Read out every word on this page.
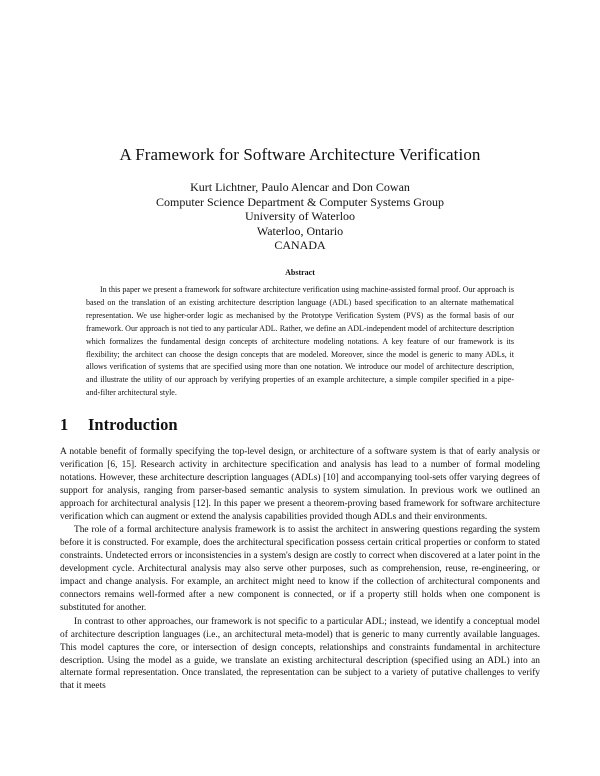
A Framework for Software Architecture Verification
Kurt Lichtner, Paulo Alencar and Don Cowan
Computer Science Department & Computer Systems Group
University of Waterloo
Waterloo, Ontario
CANADA
Abstract

In this paper we present a framework for software architecture verification using machine-assisted formal proof. Our approach is based on the translation of an existing architecture description language (ADL) based specification to an alternate mathematical representation. We use higher-order logic as mechanised by the Prototype Verification System (PVS) as the formal basis of our framework. Our approach is not tied to any particular ADL. Rather, we define an ADL-independent model of architecture description which formalizes the fundamental design concepts of architecture modeling notations. A key feature of our framework is its flexibility; the architect can choose the design concepts that are modeled. Moreover, since the model is generic to many ADLs, it allows verification of systems that are specified using more than one notation. We introduce our model of architecture description, and illustrate the utility of our approach by verifying properties of an example architecture, a simple compiler specified in a pipe-and-filter architectural style.

1 Introduction

A notable benefit of formally specifying the top-level design, or architecture of a software system is that of early analysis or verification [6, 15]. Research activity in architecture specification and analysis has lead to a number of formal modeling notations. However, these architecture description languages (ADLs) [10] and accompanying tool-sets offer varying degrees of support for analysis, ranging from parser-based semantic analysis to system simulation. In previous work we outlined an approach for architectural analysis [12]. In this paper we present a theorem-proving based framework for software architecture verification which can augment or extend the analysis capabilities provided though ADLs and their environments.

The role of a formal architecture analysis framework is to assist the architect in answering questions regarding the system before it is constructed. For example, does the architectural specification possess certain critical properties or conform to stated constraints. Undetected errors or inconsistencies in a system's design are costly to correct when discovered at a later point in the development cycle. Architectural analysis may also serve other purposes, such as comprehension, reuse, re-engineering, or impact and change analysis. For example, an architect might need to know if the collection of architectural components and connectors remains well-formed after a new component is connected, or if a property still holds when one component is substituted for another.

In contrast to other approaches, our framework is not specific to a particular ADL; instead, we identify a conceptual model of architecture description languages (i.e., an architectural meta-model) that is generic to many currently available languages. This model captures the core, or intersection of design concepts, relationships and constraints fundamental in architecture description. Using the model as a guide, we translate an existing architectural description (specified using an ADL) into an alternate formal representation. Once translated, the representation can be subject to a variety of putative challenges to verify that it meets
